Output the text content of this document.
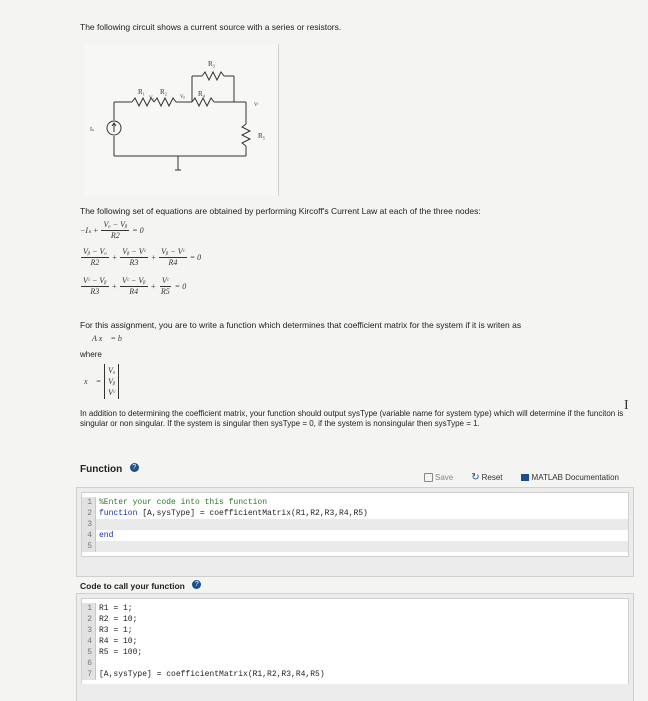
The following circuit shows a current source with a series or resistors.
R₁ R₂
R₃
R₄
R₅
Vₐ	Vᵦ
Vᶜ
Iₛ
The following set of equations are obtained by performing Kircoff's Current Law at each of the three nodes:
$-I_s + \frac{\text{Vₐ − Vᵦ}}{R2} = 0$
$\frac{\text{Vᵦ − Vₐ}}{R2} + \frac{\text{Vᵦ − Vᶜ}}{R3} + \frac{\text{Vᵦ − Vᶜ}}{R4} = 0$
$\frac{\text{Vᶜ − Vᵦ}}{R3} + \frac{\text{Vᶜ − Vᵦ}}{R4} + \frac{\text{Vᶜ}}{R5} = 0$
For this assignment, you are to write a function which determines that coefficient matrix for the system if it is writen as
A x⃗ = b⃗
where
x⃗ =
Vₐ
Vᵦ
Vᶜ
In addition to determining the coefficient matrix, your function should output sysType (variable name for system type) which will determine if the funciton is singular or non singular. If the system is singular then sysType = 0, if the system is nonsingular then sysType = 1.
I
Function ?
Save ↻ Reset	MATLAB Documentation
1 %Enter your code into this function
2 function [A,sysType] = coefficientMatrix(R1,R2,R3,R4,R5)
3
4 end
5
Code to call your function ?
1 R1 = 1;
2 R2 = 10;
3 R3 = 1;
4 R4 = 10;
5 R5 = 100;
6
7 [A,sysType] = coefficientMatrix(R1,R2,R3,R4,R5)
